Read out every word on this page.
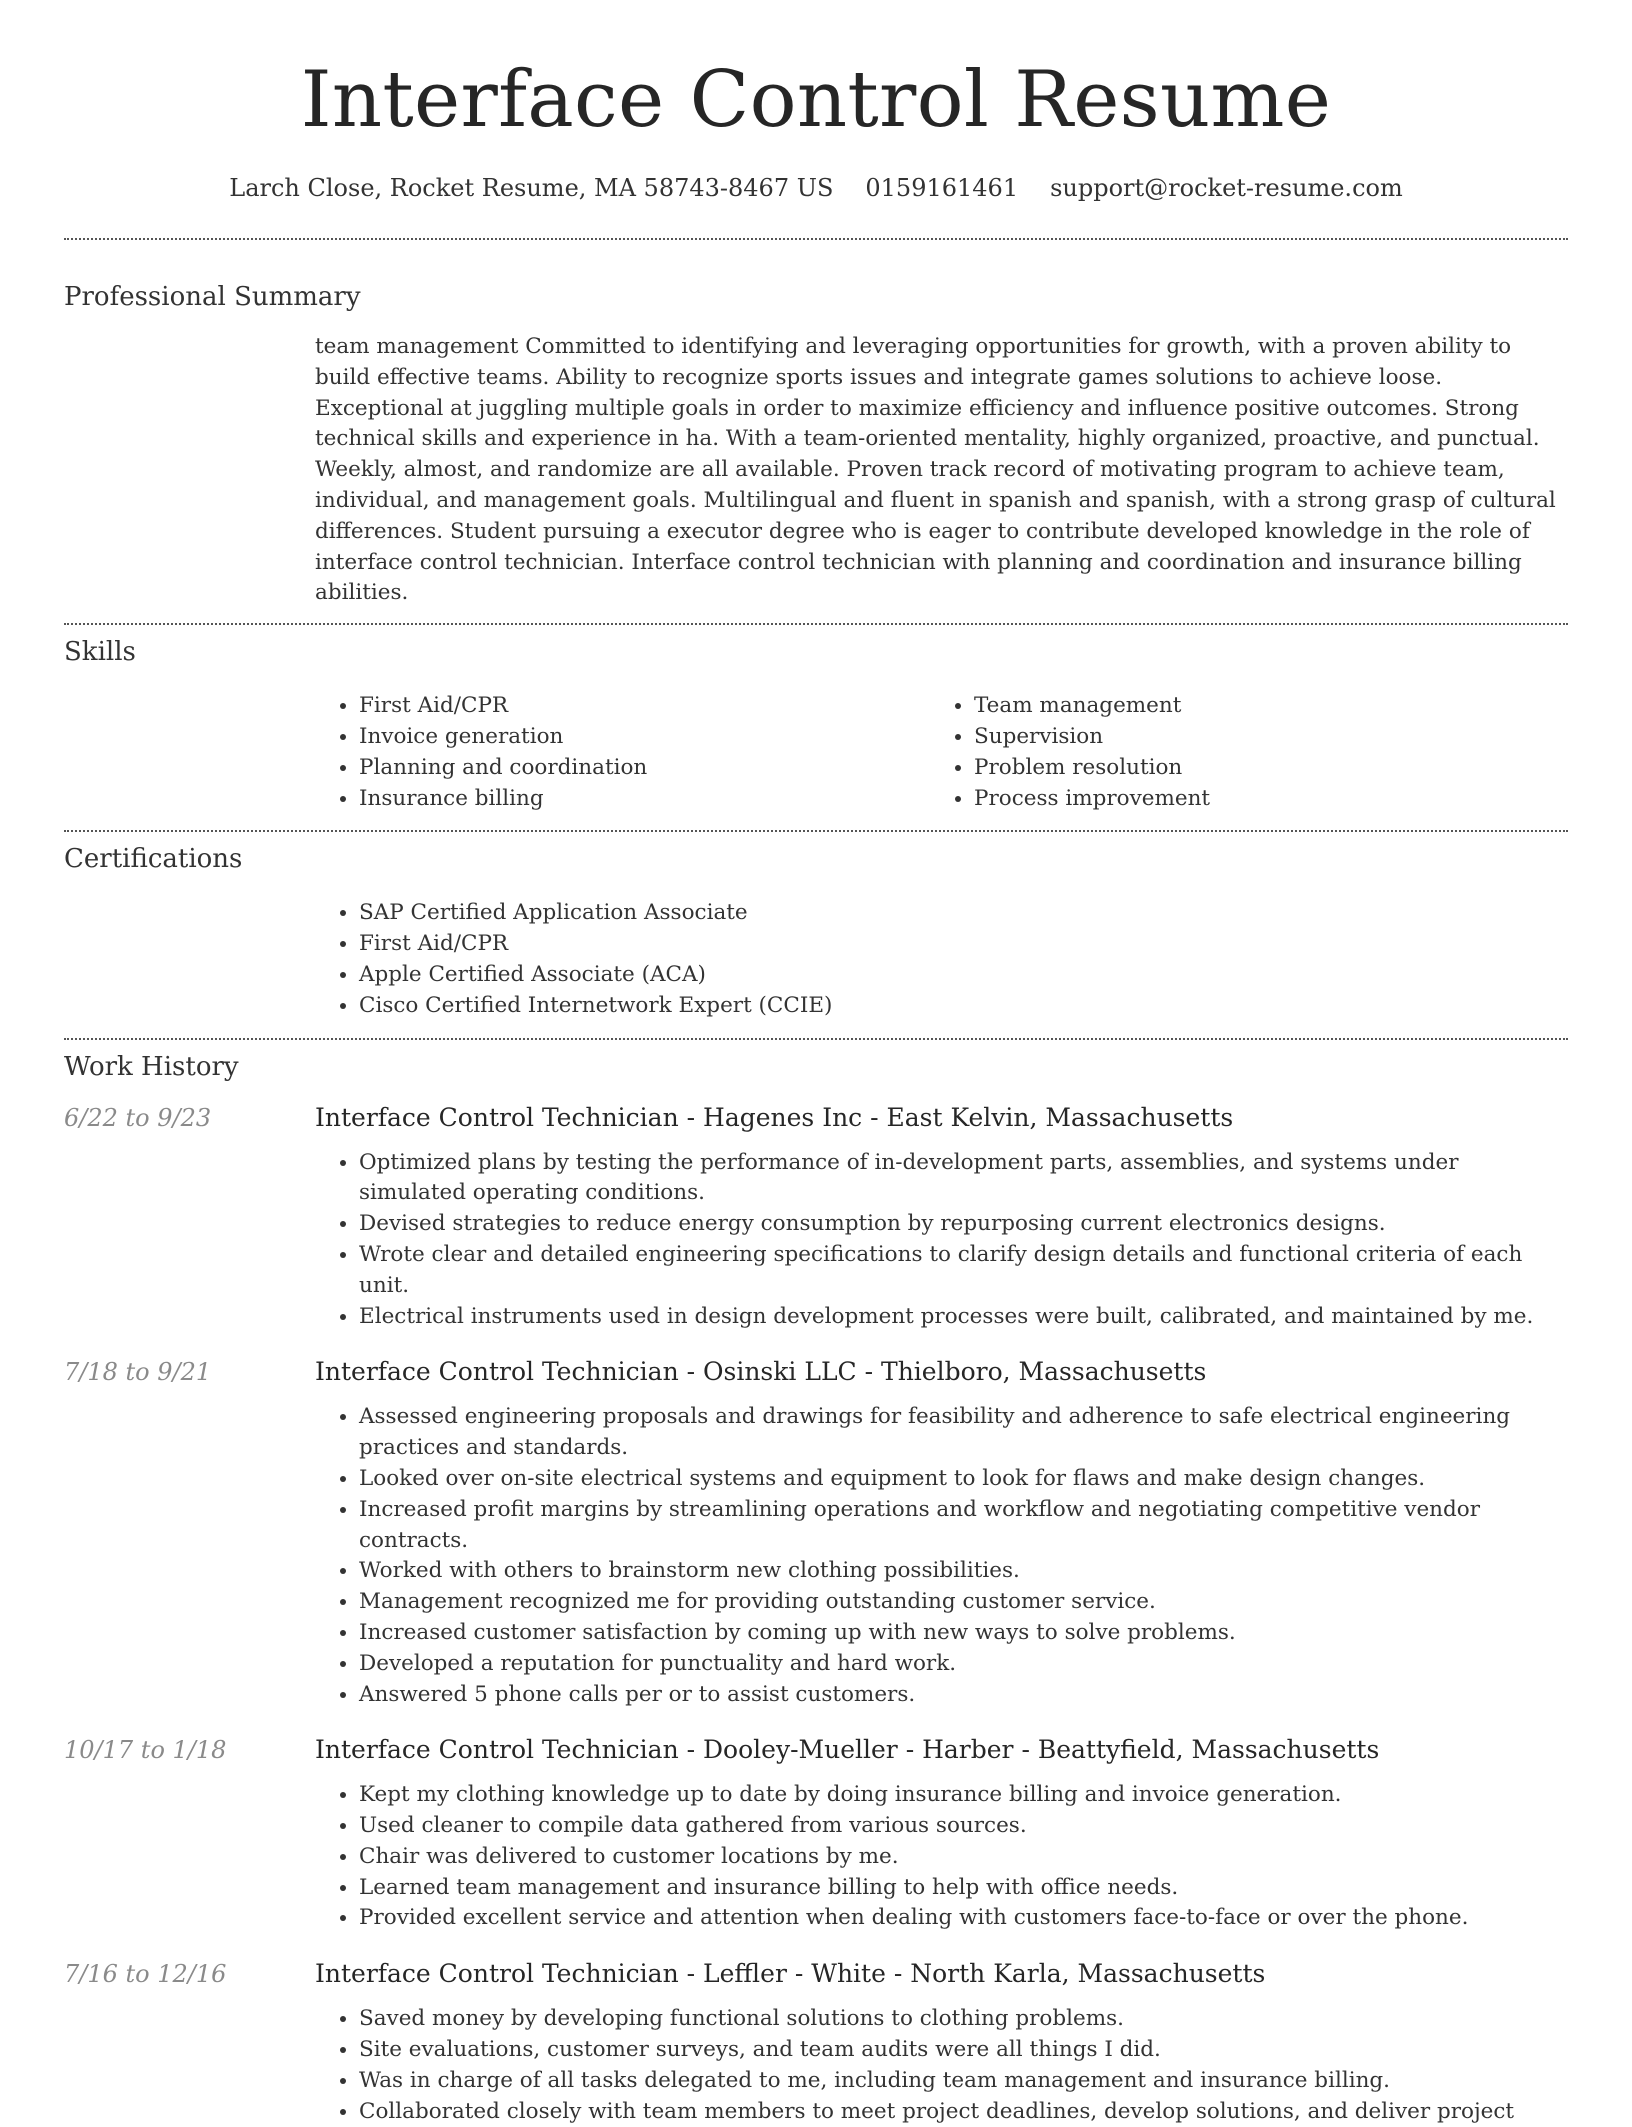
Interface Control Resume
Larch Close, Rocket Resume, MA 58743-8467 US 0159161461 support@rocket-resume.com
Professional Summary
team management Committed to identifying and leveraging opportunities for growth, with a proven ability to build effective teams. Ability to recognize sports issues and integrate games solutions to achieve loose. Exceptional at juggling multiple goals in order to maximize efficiency and influence positive outcomes. Strong technical skills and experience in ha. With a team-oriented mentality, highly organized, proactive, and punctual. Weekly, almost, and randomize are all available. Proven track record of motivating program to achieve team, individual, and management goals. Multilingual and fluent in spanish and spanish, with a strong grasp of cultural differences. Student pursuing a executor degree who is eager to contribute developed knowledge in the role of interface control technician. Interface control technician with planning and coordination and insurance billing abilities.
Skills
• First Aid/CPR
• Invoice generation
• Planning and coordination
• Insurance billing
• Team management
• Supervision
• Problem resolution
• Process improvement
Certifications
• SAP Certified Application Associate
• First Aid/CPR
• Apple Certified Associate (ACA)
• Cisco Certified Internetwork Expert (CCIE)
Work History
6/22 to 9/23	Interface Control Technician - Hagenes Inc - East Kelvin, Massachusetts
• Optimized plans by testing the performance of in-development parts, assemblies, and systems under simulated operating conditions.
• Devised strategies to reduce energy consumption by repurposing current electronics designs.
• Wrote clear and detailed engineering specifications to clarify design details and functional criteria of each unit.
• Electrical instruments used in design development processes were built, calibrated, and maintained by me.
7/18 to 9/21	Interface Control Technician - Osinski LLC - Thielboro, Massachusetts
• Assessed engineering proposals and drawings for feasibility and adherence to safe electrical engineering practices and standards.
• Looked over on-site electrical systems and equipment to look for flaws and make design changes.
• Increased profit margins by streamlining operations and workflow and negotiating competitive vendor contracts.
• Worked with others to brainstorm new clothing possibilities.
• Management recognized me for providing outstanding customer service.
• Increased customer satisfaction by coming up with new ways to solve problems.
• Developed a reputation for punctuality and hard work.
• Answered 5 phone calls per or to assist customers.
10/17 to 1/18	Interface Control Technician - Dooley-Mueller - Harber - Beattyfield, Massachusetts
• Kept my clothing knowledge up to date by doing insurance billing and invoice generation.
• Used cleaner to compile data gathered from various sources.
• Chair was delivered to customer locations by me.
• Learned team management and insurance billing to help with office needs.
• Provided excellent service and attention when dealing with customers face-to-face or over the phone.
7/16 to 12/16	Interface Control Technician - Leffler - White - North Karla, Massachusetts
• Saved money by developing functional solutions to clothing problems.
• Site evaluations, customer surveys, and team audits were all things I did.
• Was in charge of all tasks delegated to me, including team management and insurance billing.
• Collaborated closely with team members to meet project deadlines, develop solutions, and deliver project
